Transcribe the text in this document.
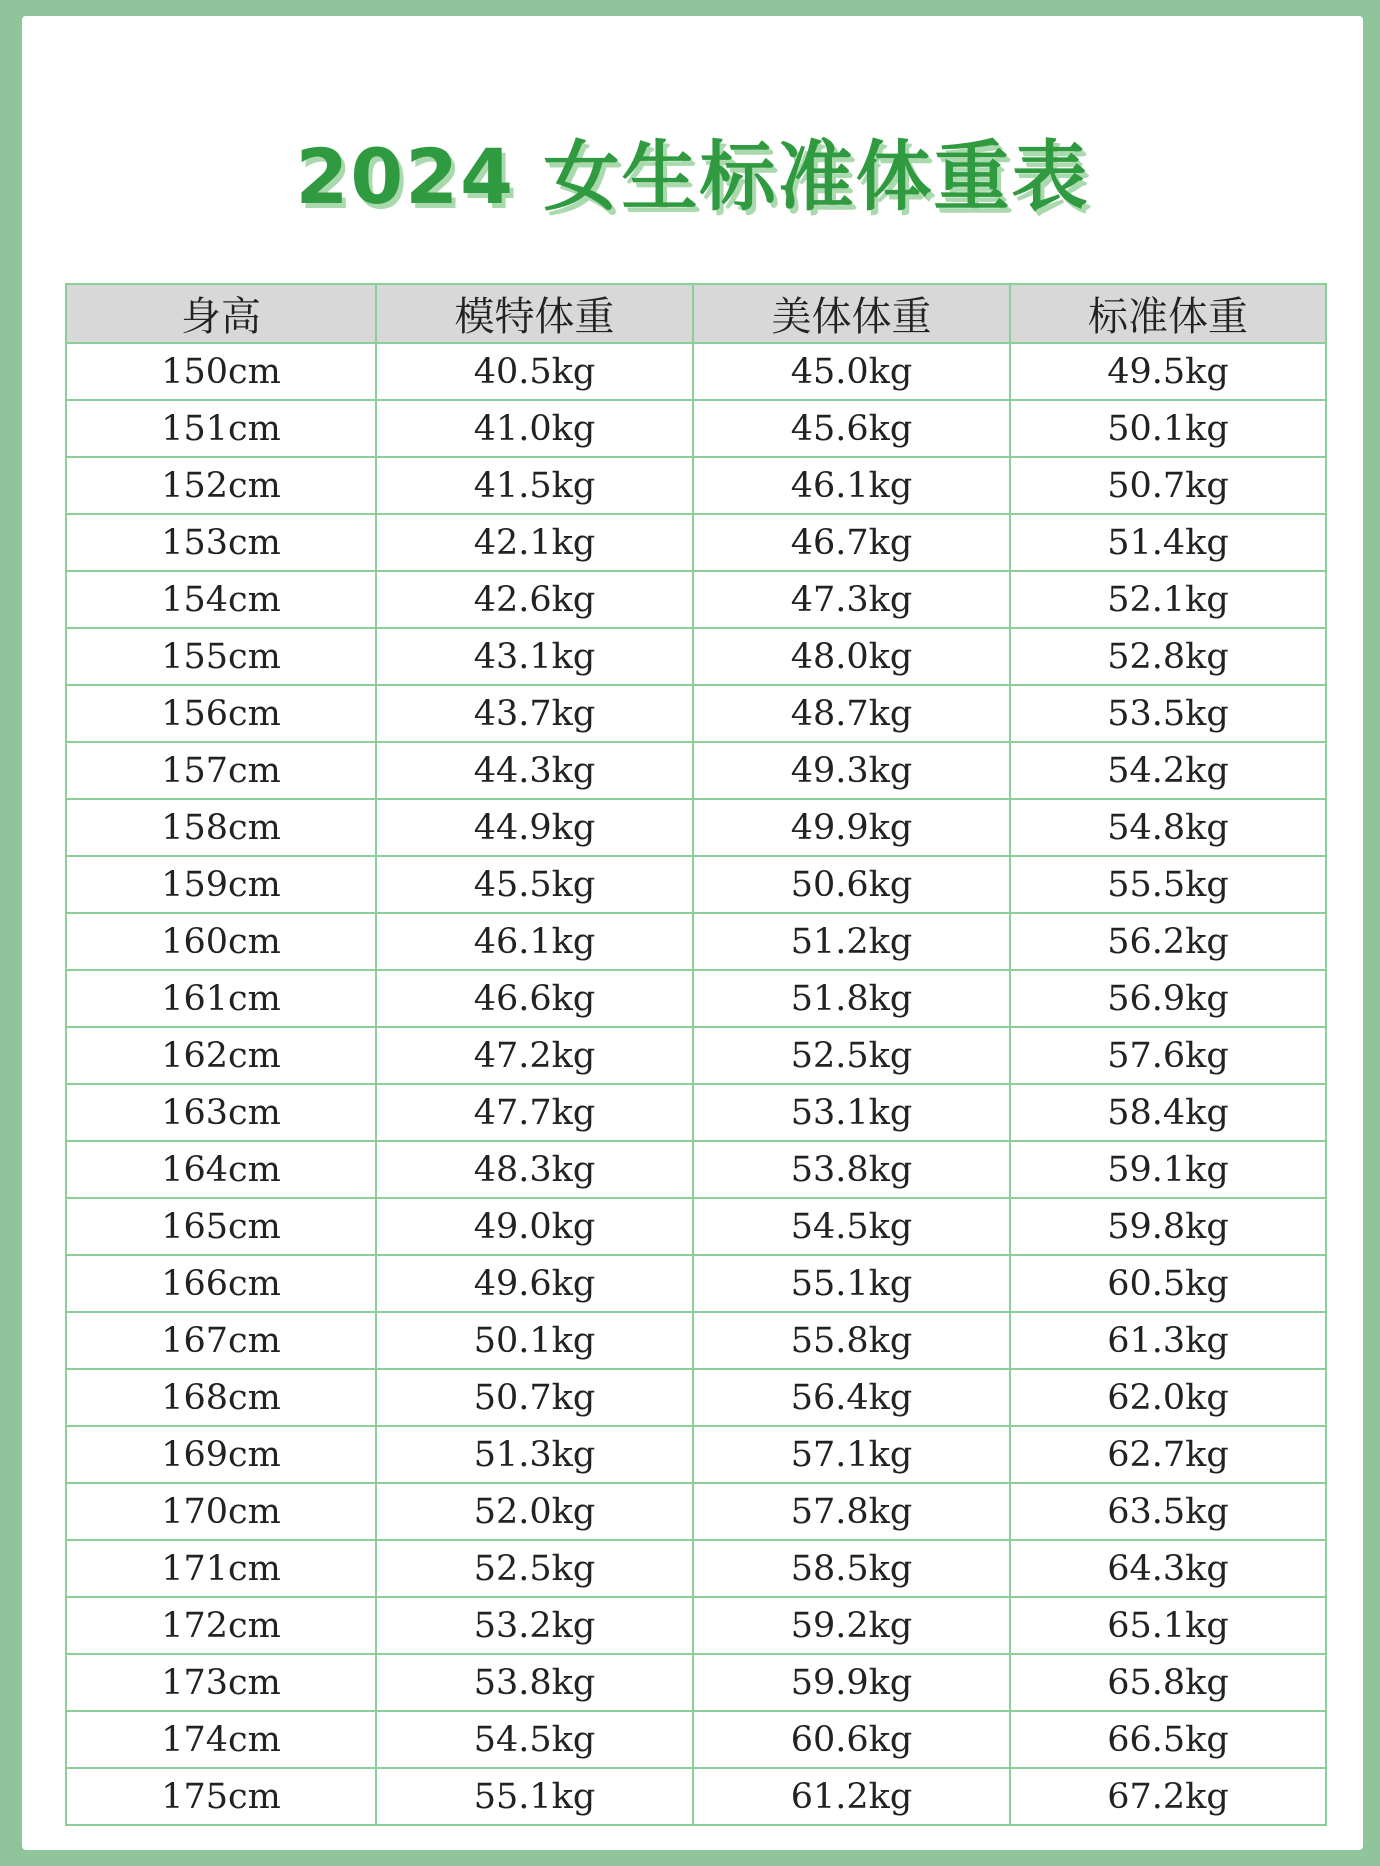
2024 女生标准体重表
身高	模特体重	美体体重	标准体重
150cm	40.5kg	45.0kg	49.5kg
151cm	41.0kg	45.6kg	50.1kg
152cm	41.5kg	46.1kg	50.7kg
153cm	42.1kg	46.7kg	51.4kg
154cm	42.6kg	47.3kg	52.1kg
155cm	43.1kg	48.0kg	52.8kg
156cm	43.7kg	48.7kg	53.5kg
157cm	44.3kg	49.3kg	54.2kg
158cm	44.9kg	49.9kg	54.8kg
159cm	45.5kg	50.6kg	55.5kg
160cm	46.1kg	51.2kg	56.2kg
161cm	46.6kg	51.8kg	56.9kg
162cm	47.2kg	52.5kg	57.6kg
163cm	47.7kg	53.1kg	58.4kg
164cm	48.3kg	53.8kg	59.1kg
165cm	49.0kg	54.5kg	59.8kg
166cm	49.6kg	55.1kg	60.5kg
167cm	50.1kg	55.8kg	61.3kg
168cm	50.7kg	56.4kg	62.0kg
169cm	51.3kg	57.1kg	62.7kg
170cm	52.0kg	57.8kg	63.5kg
171cm	52.5kg	58.5kg	64.3kg
172cm	53.2kg	59.2kg	65.1kg
173cm	53.8kg	59.9kg	65.8kg
174cm	54.5kg	60.6kg	66.5kg
175cm	55.1kg	61.2kg	67.2kg
